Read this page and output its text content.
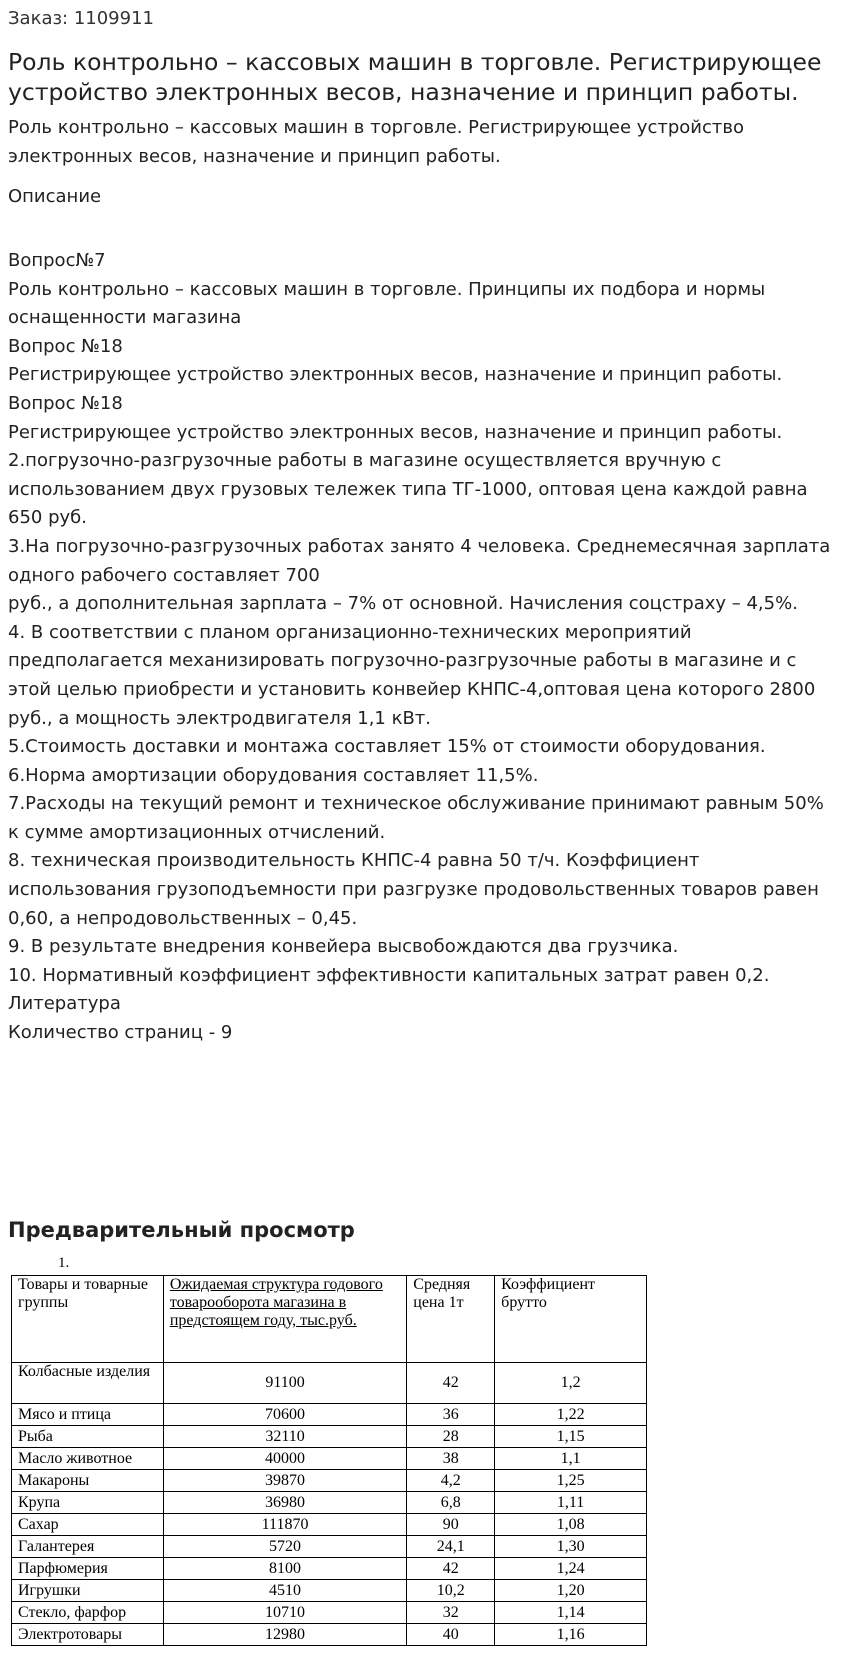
Заказ: 1109911
Роль контрольно – кассовых машин в торговле. Регистрирующее устройство электронных весов, назначение и принцип работы.
Роль контрольно – кассовых машин в торговле. Регистрирующее устройство электронных весов, назначение и принцип работы.
Описание
Вопрос№7
Роль контрольно – кассовых машин в торговле. Принципы их подбора и нормы оснащенности магазина
Вопрос №18
Регистрирующее устройство электронных весов, назначение и принцип работы.
Вопрос №18
Регистрирующее устройство электронных весов, назначение и принцип работы.
2.погрузочно-разгрузочные работы в магазине осуществляется вручную с использованием двух грузовых тележек типа ТГ-1000, оптовая цена каждой равна 650 руб.
3.На погрузочно-разгрузочных работах занято 4 человека. Среднемесячная зарплата одного рабочего составляет 700
руб., а дополнительная зарплата – 7% от основной. Начисления соцстраху – 4,5%.
4. В соответствии с планом организационно-технических мероприятий предполагается механизировать погрузочно-разгрузочные работы в магазине и с этой целью приобрести и установить конвейер КНПС-4,оптовая цена которого 2800 руб., а мощность электродвигателя 1,1 кВт.
5.Стоимость доставки и монтажа составляет 15% от стоимости оборудования.
6.Норма амортизации оборудования составляет 11,5%.
7.Расходы на текущий ремонт и техническое обслуживание принимают равным 50% к сумме амортизационных отчислений.
8. техническая производительность КНПС-4 равна 50 т/ч. Коэффициент использования грузоподъемности при разгрузке продовольственных товаров равен 0,60, а непродовольственных – 0,45.
9. В результате внедрения конвейера высвобождаются два грузчика.
10. Нормативный коэффициент эффективности капитальных затрат равен 0,2.
Литература
Количество страниц - 9
Предварительный просмотр
1.
Товары и товарные группы	Ожидаемая структура годового товарооборота магазина в предстоящем году, тыс.руб.	Средняя цена 1т	Коэффициент брутто
Колбасные изделия	91100	42	1,2
Мясо и птица	70600	36	1,22
Рыба	32110	28	1,15
Масло животное	40000	38	1,1
Макароны	39870	4,2	1,25
Крупа	36980	6,8	1,11
Сахар	111870	90	1,08
Галантерея	5720	24,1	1,30
Парфюмерия	8100	42	1,24
Игрушки	4510	10,2	1,20
Стекло, фарфор	10710	32	1,14
Электротовары	12980	40	1,16
